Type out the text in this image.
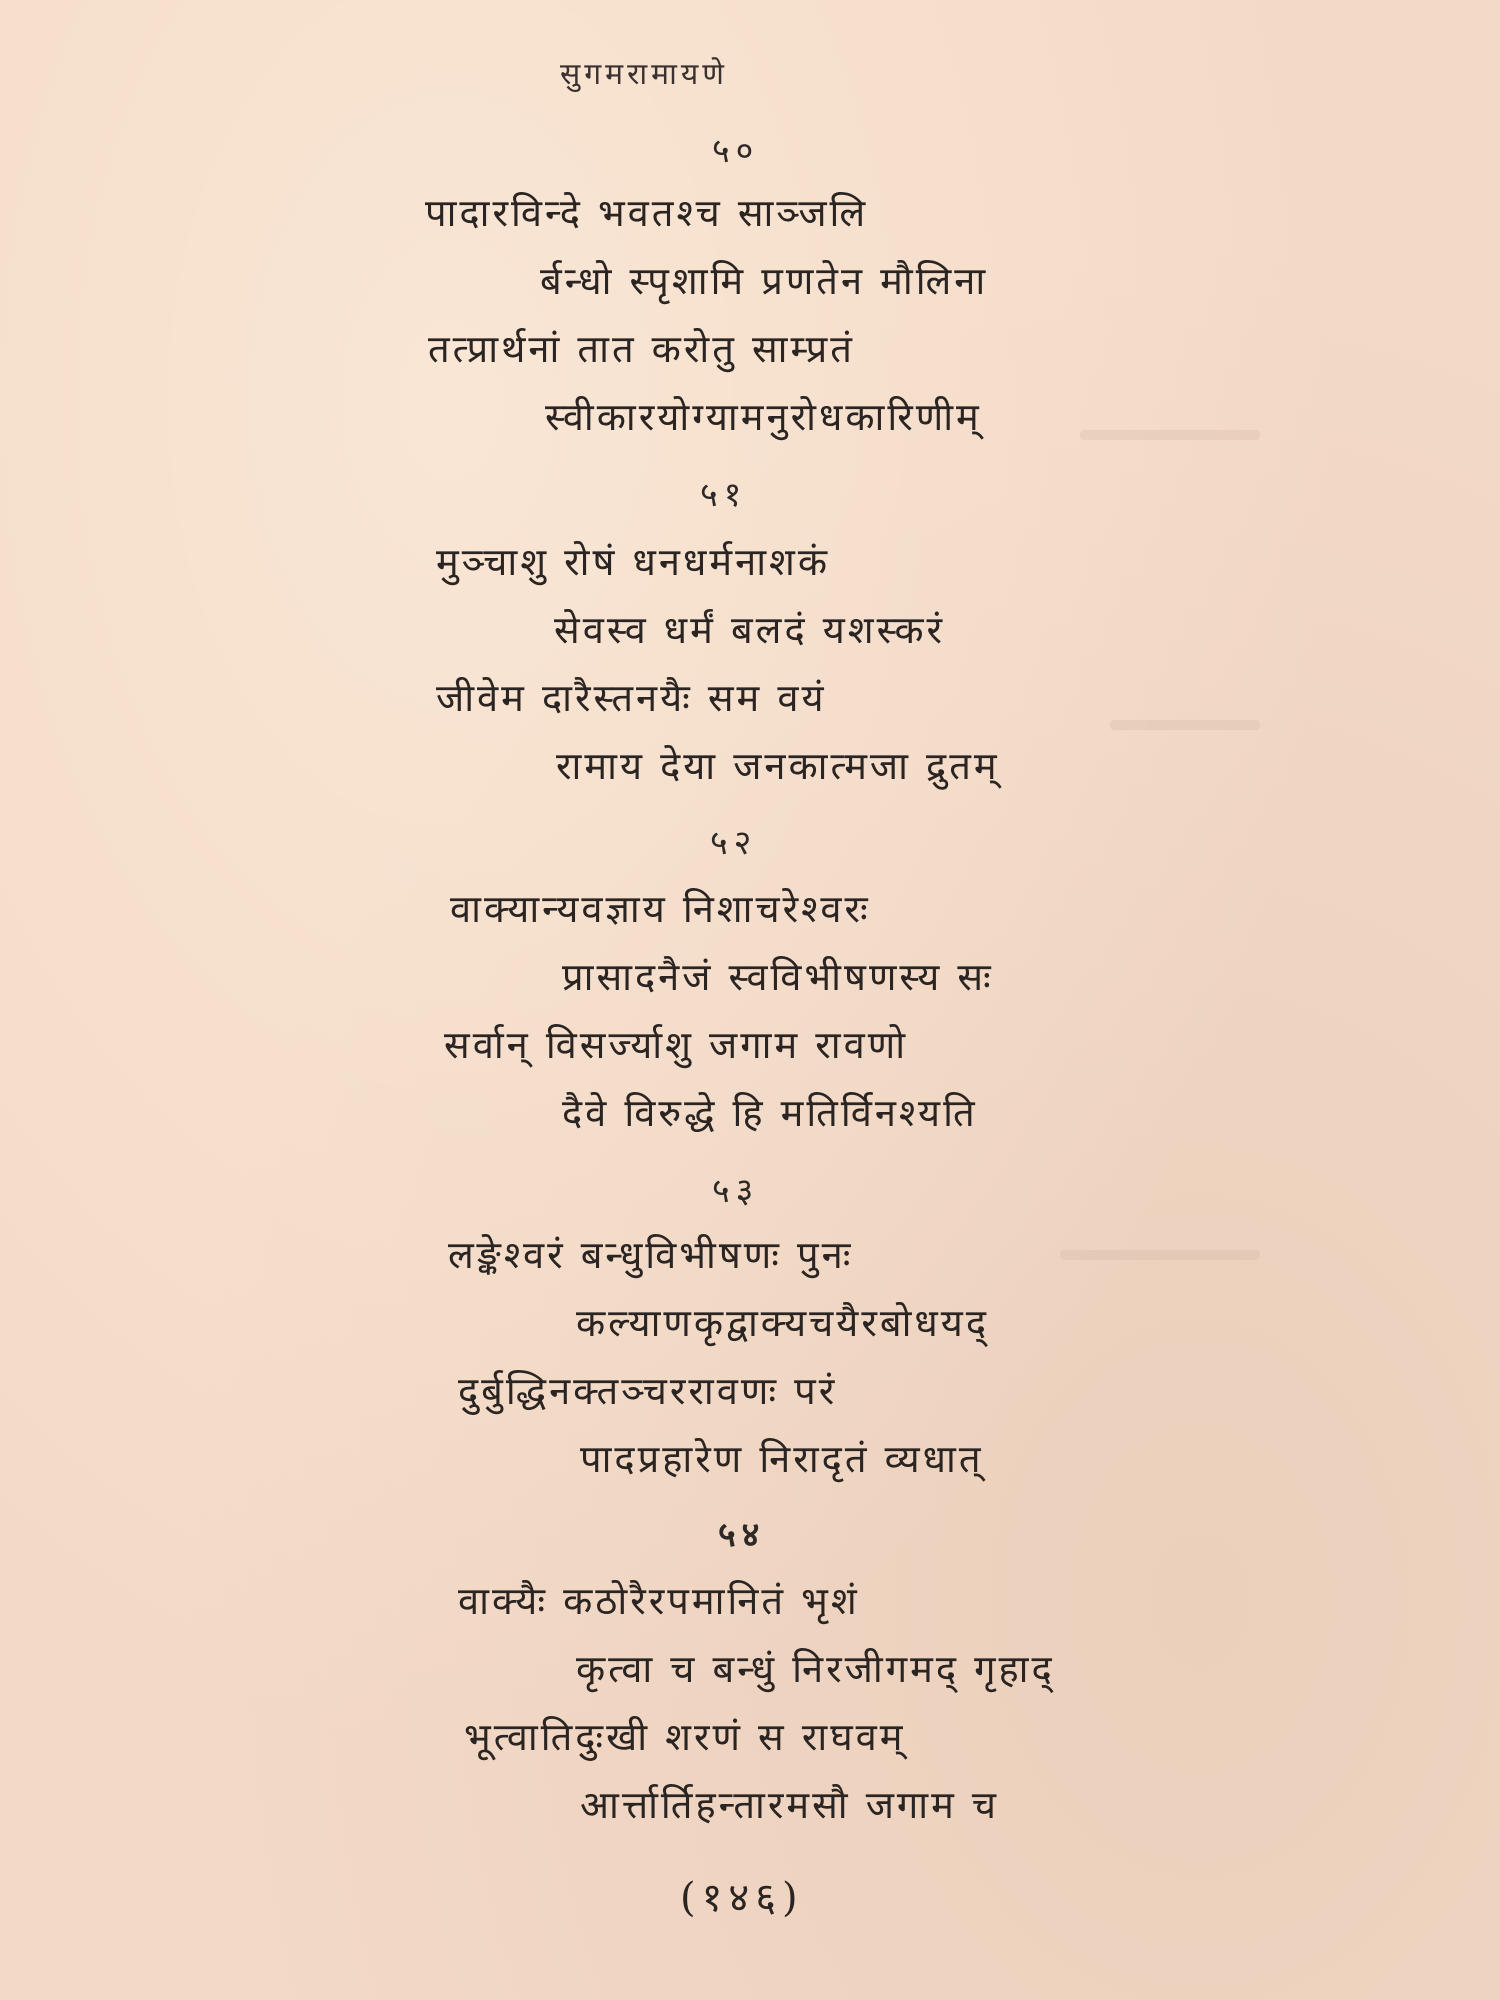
सुगमरामायणे
५०
पादारविन्दे भवतश्च साञ्जलि
र्बन्धो स्पृशामि प्रणतेन मौलिना
तत्प्रार्थनां तात करोतु साम्प्रतं
स्वीकारयोग्यामनुरोधकारिणीम्
५१
मुञ्चाशु रोषं धनधर्मनाशकं
सेवस्व धर्मं बलदं यशस्करं
जीवेम दारैस्तनयैः सम वयं
रामाय देया जनकात्मजा द्रुतम्
५२
वाक्यान्यवज्ञाय निशाचरेश्वरः
प्रासादनैजं स्वविभीषणस्य सः
सर्वान् विसर्ज्याशु जगाम रावणो
दैवे विरुद्धे हि मतिर्विनश्यति
५३
लङ्केश्वरं बन्धुविभीषणः पुनः
कल्याणकृद्वाक्यचयैरबोधयद्
दुर्बुद्धिनक्तञ्चररावणः परं
पादप्रहारेण निरादृतं व्यधात्
५४
वाक्यैः कठोरैरपमानितं भृशं
कृत्वा च बन्धुं निरजीगमद् गृहाद्
भूत्वातिदुःखी शरणं स राघवम्
आर्त्तार्तिहन्तारमसौ जगाम च
(१४६)
